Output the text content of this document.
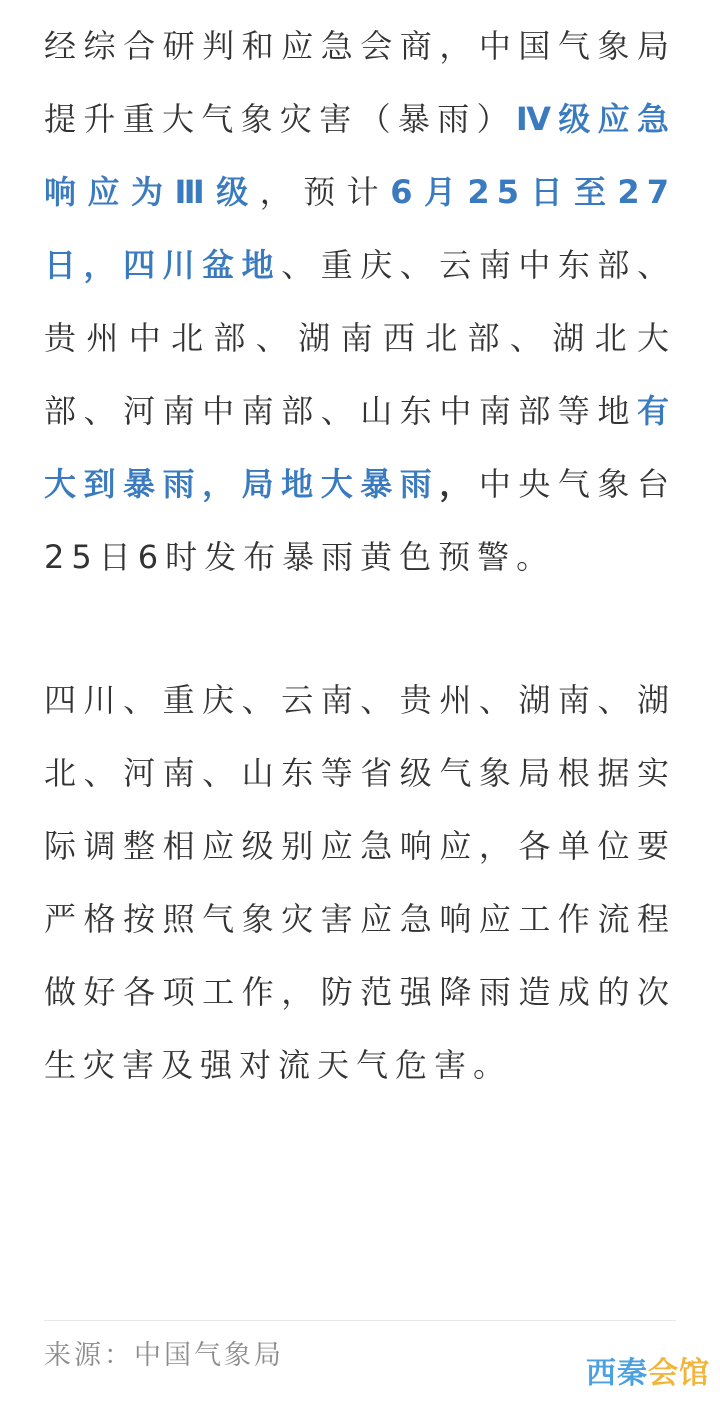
经综合研判和应急会商，中国气象局提升重大气象灾害（暴雨）Ⅳ级应急响应为Ⅲ级，预计6月25日至27日，四川盆地、重庆、云南中东部、贵州中北部、湖南西北部、湖北大部、河南中南部、山东中南部等地有大到暴雨，局地大暴雨，中央气象台25日6时发布暴雨黄色预警。

四川、重庆、云南、贵州、湖南、湖北、河南、山东等省级气象局根据实际调整相应级别应急响应，各单位要严格按照气象灾害应急响应工作流程做好各项工作，防范强降雨造成的次生灾害及强对流天气危害。

来源：中国气象局
西秦会馆
